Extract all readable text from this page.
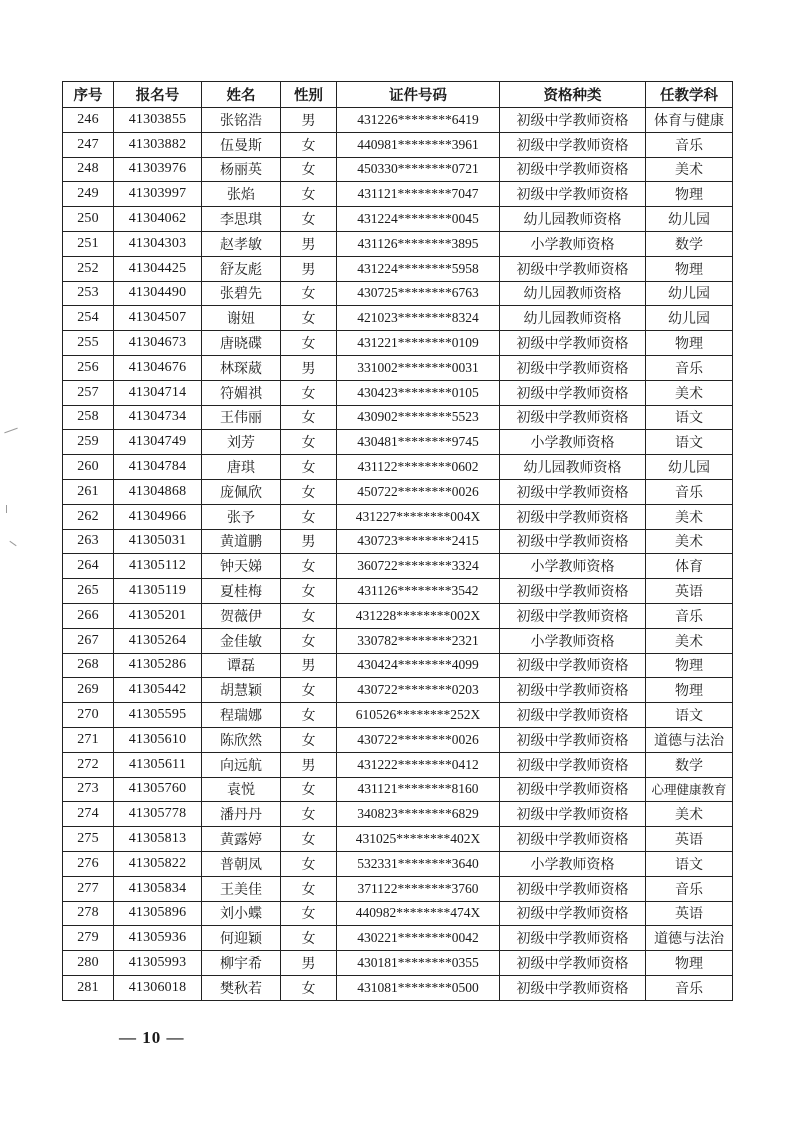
序号	报名号	姓名	性别	证件号码	资格种类	任教学科
246	41303855	张铭浩	男	431226********6419	初级中学教师资格	体育与健康
247	41303882	伍曼斯	女	440981********3961	初级中学教师资格	音乐
248	41303976	杨丽英	女	450330********0721	初级中学教师资格	美术
249	41303997	张焰	女	431121********7047	初级中学教师资格	物理
250	41304062	李思琪	女	431224********0045	幼儿园教师资格	幼儿园
251	41304303	赵孝敏	男	431126********3895	小学教师资格	数学
252	41304425	舒友彪	男	431224********5958	初级中学教师资格	物理
253	41304490	张碧先	女	430725********6763	幼儿园教师资格	幼儿园
254	41304507	谢妞	女	421023********8324	幼儿园教师资格	幼儿园
255	41304673	唐晓碟	女	431221********0109	初级中学教师资格	物理
256	41304676	林琛葳	男	331002********0031	初级中学教师资格	音乐
257	41304714	符媚祺	女	430423********0105	初级中学教师资格	美术
258	41304734	王伟丽	女	430902********5523	初级中学教师资格	语文
259	41304749	刘芳	女	430481********9745	小学教师资格	语文
260	41304784	唐琪	女	431122********0602	幼儿园教师资格	幼儿园
261	41304868	庞佩欣	女	450722********0026	初级中学教师资格	音乐
262	41304966	张予	女	431227********004X	初级中学教师资格	美术
263	41305031	黄道鹏	男	430723********2415	初级中学教师资格	美术
264	41305112	钟天娣	女	360722********3324	小学教师资格	体育
265	41305119	夏桂梅	女	431126********3542	初级中学教师资格	英语
266	41305201	贺薇伊	女	431228********002X	初级中学教师资格	音乐
267	41305264	金佳敏	女	330782********2321	小学教师资格	美术
268	41305286	谭磊	男	430424********4099	初级中学教师资格	物理
269	41305442	胡慧颖	女	430722********0203	初级中学教师资格	物理
270	41305595	程瑞娜	女	610526********252X	初级中学教师资格	语文
271	41305610	陈欣然	女	430722********0026	初级中学教师资格	道德与法治
272	41305611	向远航	男	431222********0412	初级中学教师资格	数学
273	41305760	袁悦	女	431121********8160	初级中学教师资格	心理健康教育
274	41305778	潘丹丹	女	340823********6829	初级中学教师资格	美术
275	41305813	黄露婷	女	431025********402X	初级中学教师资格	英语
276	41305822	普朝凤	女	532331********3640	小学教师资格	语文
277	41305834	王美佳	女	371122********3760	初级中学教师资格	音乐
278	41305896	刘小蝶	女	440982********474X	初级中学教师资格	英语
279	41305936	何迎颖	女	430221********0042	初级中学教师资格	道德与法治
280	41305993	柳宇希	男	430181********0355	初级中学教师资格	物理
281	41306018	樊秋若	女	431081********0500	初级中学教师资格	音乐
— 10 —
